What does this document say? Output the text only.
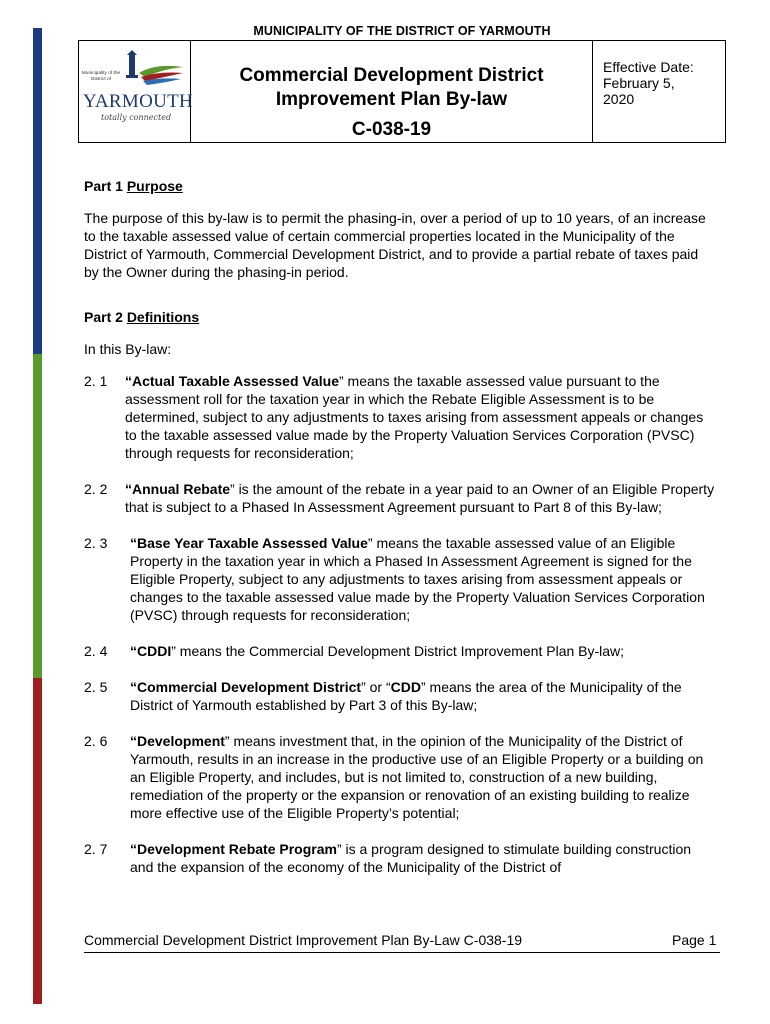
MUNICIPALITY OF THE DISTRICT OF YARMOUTH
Municipality of the District of
YARMOUTH
totally connected
Commercial Development District
Improvement Plan By-law
C-038-19
Effective Date:
February 5,
2020
Part 1 Purpose
The purpose of this by-law is to permit the phasing-in, over a period of up to 10 years, of an increase to the taxable assessed value of certain commercial properties located in the Municipality of the District of Yarmouth, Commercial Development District, and to provide a partial rebate of taxes paid by the Owner during the phasing-in period.
Part 2 Definitions
In this By-law:
2. 1	“Actual Taxable Assessed Value” means the taxable assessed value pursuant to the assessment roll for the taxation year in which the Rebate Eligible Assessment is to be determined, subject to any adjustments to taxes arising from assessment appeals or changes to the taxable assessed value made by the Property Valuation Services Corporation (PVSC) through requests for reconsideration;
2. 2	“Annual Rebate” is the amount of the rebate in a year paid to an Owner of an Eligible Property that is subject to a Phased In Assessment Agreement pursuant to Part 8 of this By-law;
2. 3	“Base Year Taxable Assessed Value” means the taxable assessed value of an Eligible Property in the taxation year in which a Phased In Assessment Agreement is signed for the Eligible Property, subject to any adjustments to taxes arising from assessment appeals or changes to the taxable assessed value made by the Property Valuation Services Corporation (PVSC) through requests for reconsideration;
2. 4	“CDDI” means the Commercial Development District Improvement Plan By-law;
2. 5	“Commercial Development District” or “CDD” means the area of the Municipality of the District of Yarmouth established by Part 3 of this By-law;
2. 6	“Development” means investment that, in the opinion of the Municipality of the District of Yarmouth, results in an increase in the productive use of an Eligible Property or a building on an Eligible Property, and includes, but is not limited to, construction of a new building, remediation of the property or the expansion or renovation of an existing building to realize more effective use of the Eligible Property’s potential;
2. 7	“Development Rebate Program” is a program designed to stimulate building construction and the expansion of the economy of the Municipality of the District of
Commercial Development District Improvement Plan By-Law C-038-19	Page 1
